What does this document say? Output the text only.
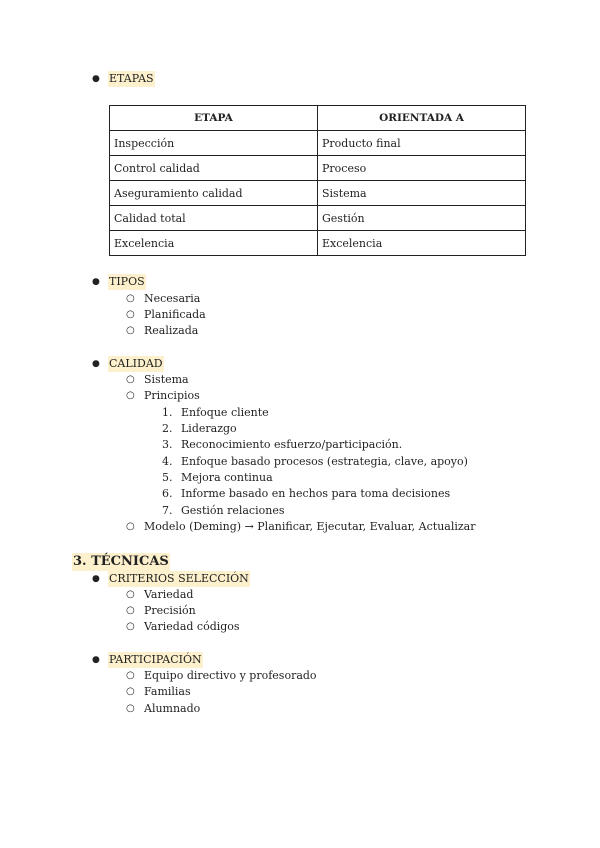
● ETAPAS
ETAPA	ORIENTADA A
Inspección	Producto final
Control calidad	Proceso
Aseguramiento calidad	Sistema
Calidad total	Gestión
Excelencia	Excelencia
● TIPOS
○ Necesaria
○ Planificada
○ Realizada
● CALIDAD
○ Sistema
○ Principios
1. Enfoque cliente
2. Liderazgo
3. Reconocimiento esfuerzo/participación.
4. Enfoque basado procesos (estrategia, clave, apoyo)
5. Mejora continua
6. Informe basado en hechos para toma decisiones
7. Gestión relaciones
○ Modelo (Deming) → Planificar, Ejecutar, Evaluar, Actualizar
3. TÉCNICAS
● CRITERIOS SELECCIÓN
○ Variedad
○ Precisión
○ Variedad códigos
● PARTICIPACIÓN
○ Equipo directivo y profesorado
○ Familias
○ Alumnado
